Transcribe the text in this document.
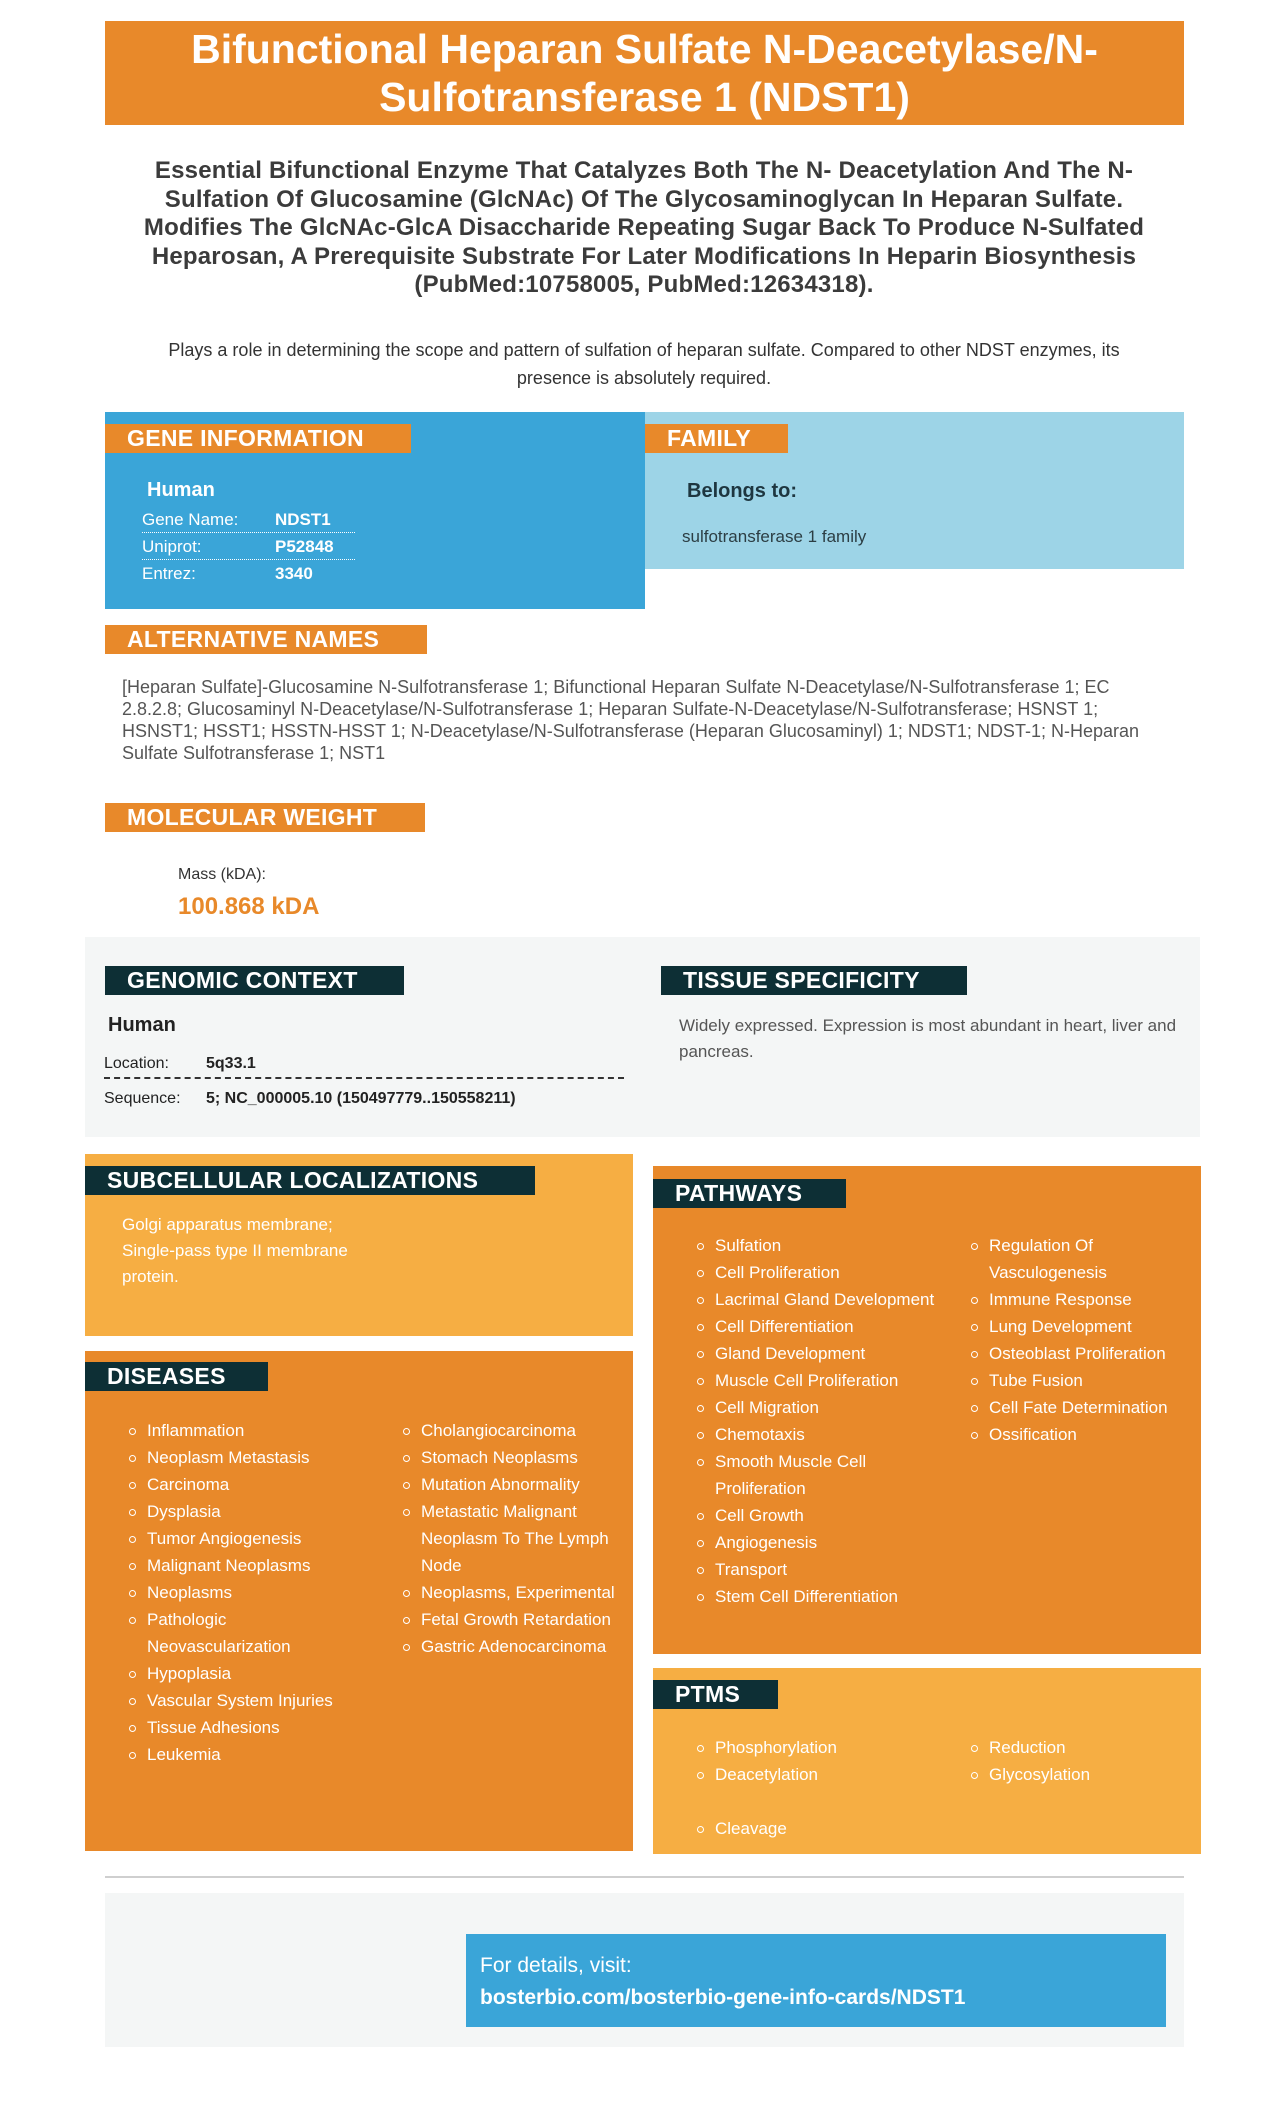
Bifunctional Heparan Sulfate N-Deacetylase/N-Sulfotransferase 1 (NDST1)

Essential Bifunctional Enzyme That Catalyzes Both The N- Deacetylation And The N-Sulfation Of Glucosamine (GlcNAc) Of The Glycosaminoglycan In Heparan Sulfate. Modifies The GlcNAc-GlcA Disaccharide Repeating Sugar Back To Produce N-Sulfated Heparosan, A Prerequisite Substrate For Later Modifications In Heparin Biosynthesis (PubMed:10758005, PubMed:12634318).

Plays a role in determining the scope and pattern of sulfation of heparan sulfate. Compared to other NDST enzymes, its presence is absolutely required.

Human
Gene Name: NDST1
Uniprot:	P52848
Entrez:	3340
GENE INFORMATION
Belongs to:
sulfotransferase 1 family
FAMILY
ALTERNATIVE NAMES

[Heparan Sulfate]-Glucosamine N-Sulfotransferase 1; Bifunctional Heparan Sulfate N-Deacetylase/N-Sulfotransferase 1; EC 2.8.2.8; Glucosaminyl N-Deacetylase/N-Sulfotransferase 1; Heparan Sulfate-N-Deacetylase/N-Sulfotransferase; HSNST 1; HSNST1; HSST1; HSSTN-HSST 1; N-Deacetylase/N-Sulfotransferase (Heparan Glucosaminyl) 1; NDST1; NDST-1; N-Heparan Sulfate Sulfotransferase 1; NST1

MOLECULAR WEIGHT
Mass (kDA):
100.868 kDA
GENOMIC CONTEXT
Human
Location: 5q33.1
Sequence: 5; NC_000005.10 (150497779..150558211)
TISSUE SPECIFICITY

Widely expressed. Expression is most abundant in heart, liver and pancreas.

SUBCELLULAR LOCALIZATIONS

Golgi apparatus membrane; Single-pass type II membrane protein.

DISEASES
Inflammation
Neoplasm Metastasis
Carcinoma
Dysplasia
Tumor Angiogenesis
Malignant Neoplasms
Neoplasms
Pathologic Neovascularization
Hypoplasia
Vascular System Injuries
Tissue Adhesions
Leukemia
Cholangiocarcinoma
Stomach Neoplasms
Mutation Abnormality
Metastatic Malignant Neoplasm To The Lymph Node
Neoplasms, Experimental
Fetal Growth Retardation
Gastric Adenocarcinoma
PATHWAYS
Sulfation
Cell Proliferation
Lacrimal Gland Development
Cell Differentiation
Gland Development
Muscle Cell Proliferation
Cell Migration
Chemotaxis
Smooth Muscle Cell Proliferation
Cell Growth
Angiogenesis
Transport
Stem Cell Differentiation
Regulation Of Vasculogenesis
Immune Response
Lung Development
Osteoblast Proliferation
Tube Fusion
Cell Fate Determination
Ossification
PTMS
Phosphorylation
Deacetylation
Cleavage
Reduction
Glycosylation
For details, visit:
bosterbio.com/bosterbio-gene-info-cards/NDST1
